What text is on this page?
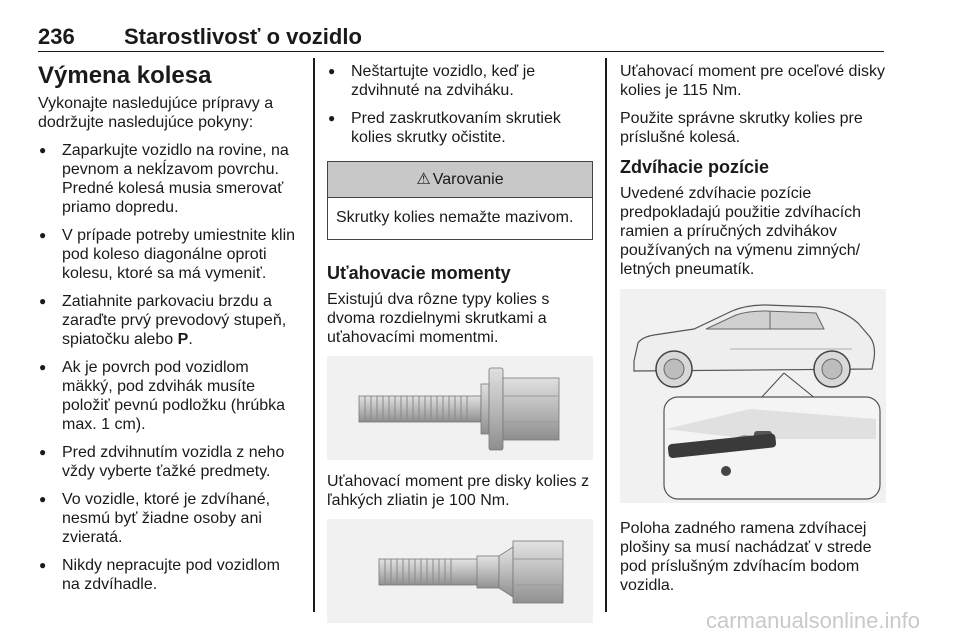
236 Starostlivosť o vozidlo
Výmena kolesa

Vykonajte nasledujúce prípravy a dodržujte nasledujúce pokyny:

● Zaparkujte vozidlo na rovine, na pevnom a nekĺzavom povrchu. Predné kolesá musia smerovať priamo dopredu.
● V prípade potreby umiestnite klin pod koleso diagonálne oproti kolesu, ktoré sa má vymeniť.
● Zatiahnite parkovaciu brzdu a zaraďte prvý prevodový stupeň, spiatočku alebo P.
● Ak je povrch pod vozidlom mäkký, pod zdvihák musíte položiť pevnú podložku (hrúbka max. 1 cm).
● Pred zdvihnutím vozidla z neho vždy vyberte ťažké predmety.
● Vo vozidle, ktoré je zdvíhané, nesmú byť žiadne osoby ani zvieratá.
● Nikdy nepracujte pod vozidlom na zdvíhadle.
● Neštartujte vozidlo, keď je zdvihnuté na zdviháku.
● Pred zaskrutkovaním skrutiek kolies skrutky očistite.
⚠ Varovanie
Skrutky kolies nemažte mazivom.
Uťahovacie momenty

Existujú dva rôzne typy kolies s dvoma rozdielnymi skrutkami a uťahovacími momentmi.

Uťahovací moment pre disky kolies z ľahkých zliatin je 100 Nm.

Uťahovací moment pre oceľové disky kolies je 115 Nm.

Použite správne skrutky kolies pre príslušné kolesá.

Zdvíhacie pozície

Uvedené zdvíhacie pozície predpokladajú použitie zdvíhacích ramien a príručných zdvihákov používaných na výmenu zimných/ letných pneumatík.

Poloha zadného ramena zdvíhacej plošiny sa musí nachádzať v strede pod príslušným zdvíhacím bodom vozidla.

carmanualsonline.info
